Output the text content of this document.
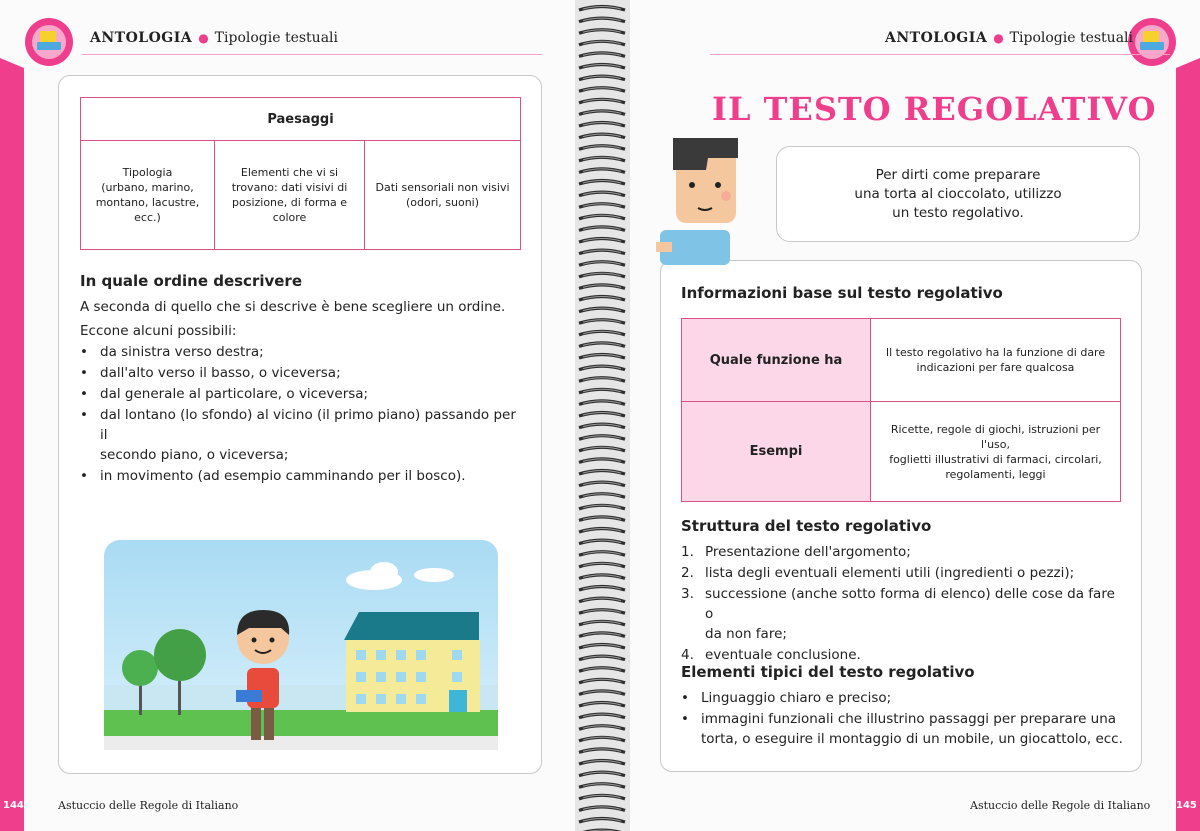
ANTOLOGIA ● Tipologie testuali
Paesaggi
Tipologia
(urbano, marino,
montano, lacustre,
ecc.)
Elementi che vi si
trovano: dati visivi di
posizione, di forma e
colore
Dati sensoriali non visivi
(odori, suoni)
In quale ordine descrivere
A seconda di quello che si descrive è bene scegliere un ordine.
Eccone alcuni possibili:
• da sinistra verso destra;
• dall'alto verso il basso, o viceversa;
• dal generale al particolare, o viceversa;
• dal lontano (lo sfondo) al vicino (il primo piano) passando per il
secondo piano, o viceversa;
• in movimento (ad esempio camminando per il bosco).
Astuccio delle Regole di Italiano
144
ANTOLOGIA ● Tipologie testuali
IL TESTO REGOLATIVO
Per dirti come preparare
una torta al cioccolato, utilizzo
un testo regolativo.
Informazioni base sul testo regolativo
Quale funzione ha	Il testo regolativo ha la funzione di dare
indicazioni per fare qualcosa
Esempi
Ricette, regole di giochi, istruzioni per l'uso,
foglietti illustrativi di farmaci, circolari,
regolamenti, leggi
Struttura del testo regolativo
1. Presentazione dell'argomento;
2. lista degli eventuali elementi utili (ingredienti o pezzi);
3. successione (anche sotto forma di elenco) delle cose da fare o
da non fare;
4. eventuale conclusione.
Elementi tipici del testo regolativo
• Linguaggio chiaro e preciso;
• immagini funzionali che illustrino passaggi per preparare una
torta, o eseguire il montaggio di un mobile, un giocattolo, ecc.
Astuccio delle Regole di Italiano	145
